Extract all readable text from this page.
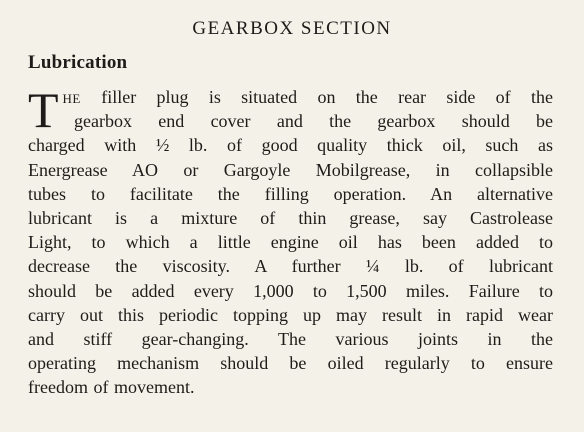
GEARBOX SECTION
Lubrication
T he filler plug is situated on the rear side of the
gearbox end cover and the gearbox should be
charged with ½ lb. of good quality thick oil, such as
Energrease AO or Gargoyle Mobilgrease, in collapsible
tubes to facilitate the filling operation. An alternative
lubricant is a mixture of thin grease, say Castrolease
Light, to which a little engine oil has been added to
decrease the viscosity. A further ¼ lb. of lubricant
should be added every 1,000 to 1,500 miles. Failure to
carry out this periodic topping up may result in rapid wear
and stiff gear-changing. The various joints in the
operating mechanism should be oiled regularly to ensure
freedom of movement.
